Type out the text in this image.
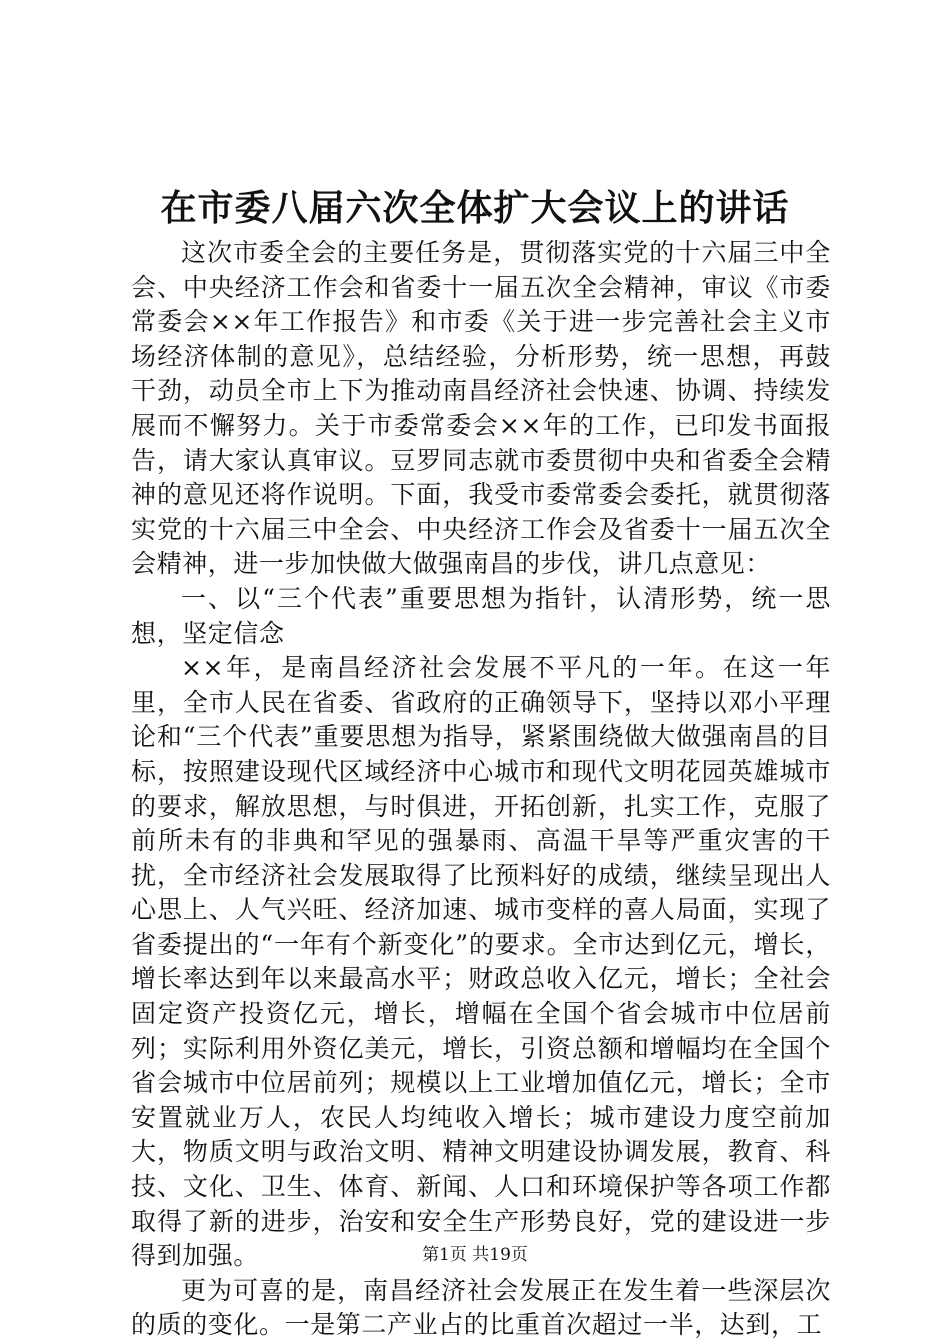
在市委八届六次全体扩大会议上的讲话

这次市委全会的主要任务是，贯彻落实党的十六届三中全会、中央经济工作会和省委十一届五次全会精神，审议《市委常委会××年工作报告》和市委《关于进一步完善社会主义市场经济体制的意见》，总结经验，分析形势，统一思想，再鼓干劲，动员全市上下为推动南昌经济社会快速、协调、持续发展而不懈努力。关于市委常委会××年的工作，已印发书面报告，请大家认真审议。豆罗同志就市委贯彻中央和省委全会精神的意见还将作说明。下面，我受市委常委会委托，就贯彻落实党的十六届三中全会、中央经济工作会及省委十一届五次全会精神，进一步加快做大做强南昌的步伐，讲几点意见：

一、以“三个代表”重要思想为指针，认清形势，统一思想，坚定信念

××年，是南昌经济社会发展不平凡的一年。在这一年里，全市人民在省委、省政府的正确领导下，坚持以邓小平理论和“三个代表”重要思想为指导，紧紧围绕做大做强南昌的目标，按照建设现代区域经济中心城市和现代文明花园英雄城市的要求，解放思想，与时俱进，开拓创新，扎实工作，克服了前所未有的非典和罕见的强暴雨、高温干旱等严重灾害的干扰，全市经济社会发展取得了比预料好的成绩，继续呈现出人心思上、人气兴旺、经济加速、城市变样的喜人局面，实现了省委提出的“一年有个新变化”的要求。全市达到亿元，增长，增长率达到年以来最高水平；财政总收入亿元，增长；全社会固定资产投资亿元，增长，增幅在全国个省会城市中位居前列；实际利用外资亿美元，增长，引资总额和增幅均在全国个省会城市中位居前列；规模以上工业增加值亿元，增长；全市安置就业万人，农民人均纯收入增长；城市建设力度空前加大，物质文明与政治文明、精神文明建设协调发展，教育、科技、文化、卫生、体育、新闻、人口和环境保护等各项工作都取得了新的进步，治安和安全生产形势良好，党的建设进一步得到加强。

更为可喜的是，南昌经济社会发展正在发生着一些深层次的质的变化。一是第二产业占的比重首次超过一半，达到，工

第1页 共19页
